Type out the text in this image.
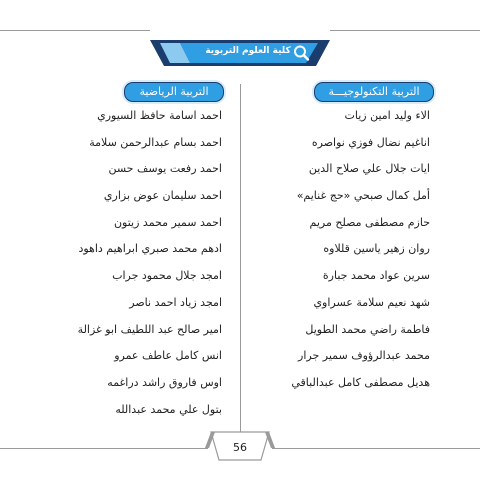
كلية العلوم التربوية
التربية التكنولوجيـــة
التربية الرياضية
الاء وليد امين زيات
اناغيم نضال فوزي نواصره
ايات جلال علي صلاح الدين
أمل كمال صبحي «حج غنايم»
حازم مصطفى مصلح مريم
روان زهير ياسين قللاوه
سرين عواد محمد جبارة
شهد نعيم سلامة عسراوي
فاطمة راضي محمد الطويل
محمد عبدالرؤوف سمير جرار
هديل مصطفى كامل عبدالباقي
احمد اسامة حافظ السيوري
احمد بسام عبدالرحمن سلامة
احمد رفعت يوسف حسن
احمد سليمان عوض بزاري
احمد سمير محمد زيتون
ادهم محمد صبري ابراهيم داهود
امجد جلال محمود جراب
امجد زياد احمد ناصر
امير صالح عبد اللطيف ابو غزالة
انس كامل عاطف عمرو
اوس فاروق راشد دراغمه
بتول علي محمد عبدالله
56
